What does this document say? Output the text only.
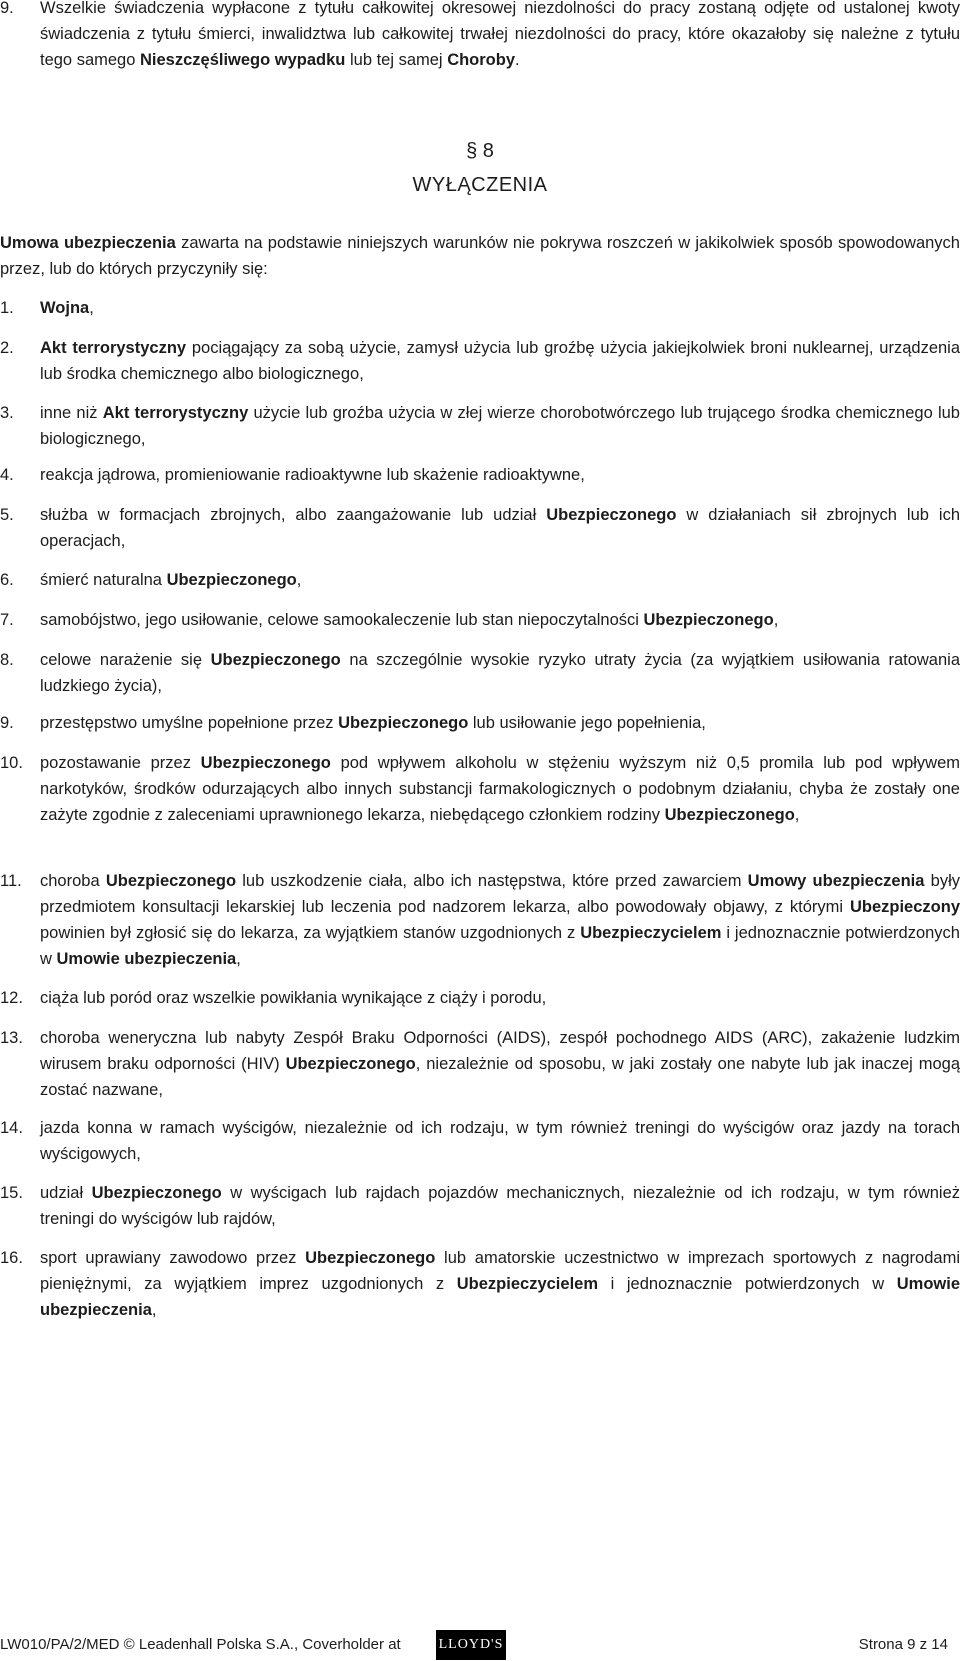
9.	Wszelkie świadczenia wypłacone z tytułu całkowitej okresowej niezdolności do pracy zostaną odjęte od ustalonej kwoty świadczenia z tytułu śmierci, inwalidztwa lub całkowitej trwałej niezdolności do pracy, które okazałoby się należne z tytułu tego samego Nieszczęśliwego wypadku lub tej samej Choroby.
§ 8
WYŁĄCZENIA
Umowa ubezpieczenia zawarta na podstawie niniejszych warunków nie pokrywa roszczeń w jakikolwiek sposób spowodowanych przez, lub do których przyczyniły się:
1.	Wojna,
2.	Akt terrorystyczny pociągający za sobą użycie, zamysł użycia lub groźbę użycia jakiejkolwiek broni nuklearnej, urządzenia lub środka chemicznego albo biologicznego,
3.	inne niż Akt terrorystyczny użycie lub groźba użycia w złej wierze chorobotwórczego lub trującego środka chemicznego lub biologicznego,
4.	reakcja jądrowa, promieniowanie radioaktywne lub skażenie radioaktywne,
5.	służba w formacjach zbrojnych, albo zaangażowanie lub udział Ubezpieczonego w działaniach sił zbrojnych lub ich operacjach,
6.	śmierć naturalna Ubezpieczonego,
7.	samobójstwo, jego usiłowanie, celowe samookaleczenie lub stan niepoczytalności Ubezpieczonego,
8.	celowe narażenie się Ubezpieczonego na szczególnie wysokie ryzyko utraty życia (za wyjątkiem usiłowania ratowania ludzkiego życia),
9.	przestępstwo umyślne popełnione przez Ubezpieczonego lub usiłowanie jego popełnienia,
10.	pozostawanie przez Ubezpieczonego pod wpływem alkoholu w stężeniu wyższym niż 0,5 promila lub pod wpływem narkotyków, środków odurzających albo innych substancji farmakologicznych o podobnym działaniu, chyba że zostały one zażyte zgodnie z zaleceniami uprawnionego lekarza, niebędącego członkiem rodziny Ubezpieczonego,
11.	choroba Ubezpieczonego lub uszkodzenie ciała, albo ich następstwa, które przed zawarciem Umowy ubezpieczenia były przedmiotem konsultacji lekarskiej lub leczenia pod nadzorem lekarza, albo powodowały objawy, z którymi Ubezpieczony powinien był zgłosić się do lekarza, za wyjątkiem stanów uzgodnionych z Ubezpieczycielem i jednoznacznie potwierdzonych w Umowie ubezpieczenia,
12.	ciąża lub poród oraz wszelkie powikłania wynikające z ciąży i porodu,
13.	choroba weneryczna lub nabyty Zespół Braku Odporności (AIDS), zespół pochodnego AIDS (ARC), zakażenie ludzkim wirusem braku odporności (HIV) Ubezpieczonego, niezależnie od sposobu, w jaki zostały one nabyte lub jak inaczej mogą zostać nazwane,
14.	jazda konna w ramach wyścigów, niezależnie od ich rodzaju, w tym również treningi do wyścigów oraz jazdy na torach wyścigowych,
15.	udział Ubezpieczonego w wyścigach lub rajdach pojazdów mechanicznych, niezależnie od ich rodzaju, w tym również treningi do wyścigów lub rajdów,
16.	sport uprawiany zawodowo przez Ubezpieczonego lub amatorskie uczestnictwo w imprezach sportowych z nagrodami pieniężnymi, za wyjątkiem imprez uzgodnionych z Ubezpieczycielem i jednoznacznie potwierdzonych w Umowie ubezpieczenia,
LW010/PA/2/MED © Leadenhall Polska S.A., Coverholder at	LLOYD'S	Strona 9 z 14
